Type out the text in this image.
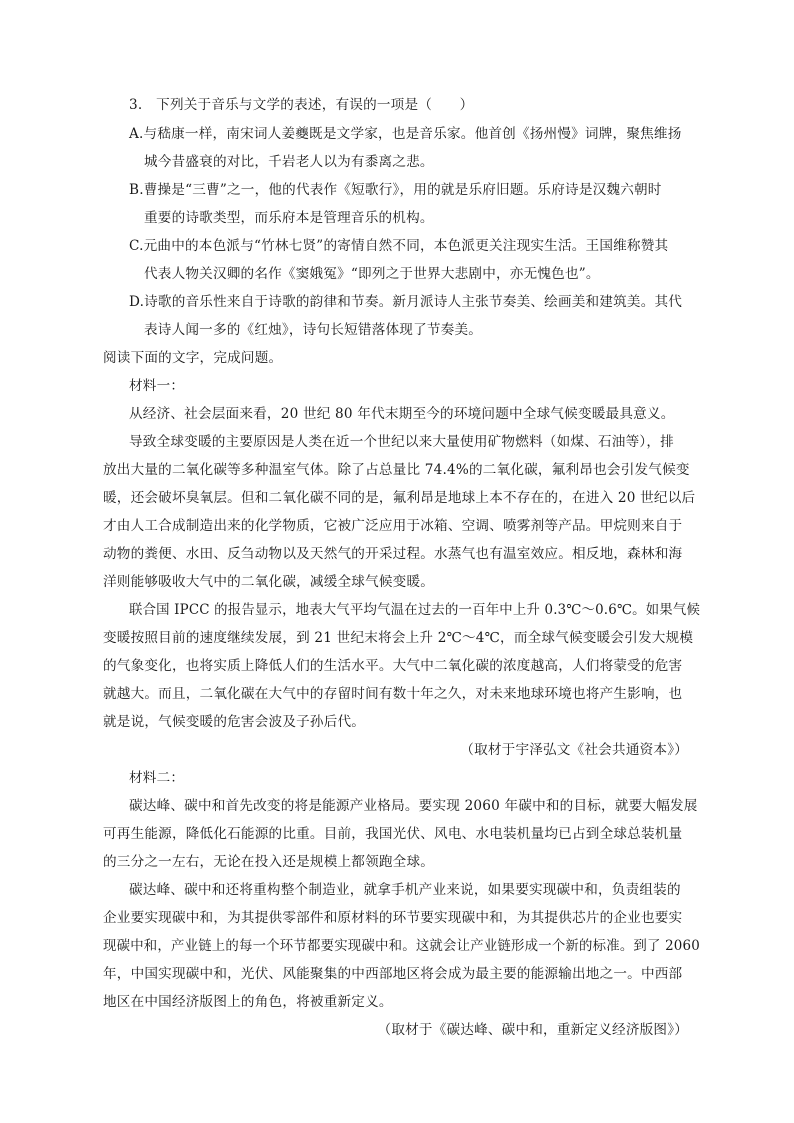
3.　下列关于音乐与文学的表述，有误的一项是（　　）
A.与嵇康一样，南宋词人姜夔既是文学家，也是音乐家。他首创《扬州慢》词牌，聚焦维扬
城今昔盛衰的对比，千岩老人以为有黍离之悲。
B.曹操是“三曹”之一，他的代表作《短歌行》，用的就是乐府旧题。乐府诗是汉魏六朝时
重要的诗歌类型，而乐府本是管理音乐的机构。
C.元曲中的本色派与“竹林七贤”的寄情自然不同，本色派更关注现实生活。王国维称赞其
代表人物关汉卿的名作《窦娥冤》“即列之于世界大悲剧中，亦无愧色也”。
D.诗歌的音乐性来自于诗歌的韵律和节奏。新月派诗人主张节奏美、绘画美和建筑美。其代
表诗人闻一多的《红烛》，诗句长短错落体现了节奏美。
阅读下面的文字，完成问题。
材料一：
从经济、社会层面来看，20 世纪 80 年代末期至今的环境问题中全球气候变暖最具意义。
导致全球变暖的主要原因是人类在近一个世纪以来大量使用矿物燃料（如煤、石油等），排
放出大量的二氧化碳等多种温室气体。除了占总量比 74.4%的二氧化碳，氟利昂也会引发气候变
暖，还会破坏臭氧层。但和二氧化碳不同的是，氟利昂是地球上本不存在的，在进入 20 世纪以后
才由人工合成制造出来的化学物质，它被广泛应用于冰箱、空调、喷雾剂等产品。甲烷则来自于
动物的粪便、水田、反刍动物以及天然气的开采过程。水蒸气也有温室效应。相反地，森林和海
洋则能够吸收大气中的二氧化碳，减缓全球气候变暖。
联合国 IPCC 的报告显示，地表大气平均气温在过去的一百年中上升 0.3℃～0.6℃。如果气候
变暖按照目前的速度继续发展，到 21 世纪末将会上升 2℃～4℃，而全球气候变暖会引发大规模
的气象变化，也将实质上降低人们的生活水平。大气中二氧化碳的浓度越高，人们将蒙受的危害
就越大。而且，二氧化碳在大气中的存留时间有数十年之久，对未来地球环境也将产生影响，也
就是说，气候变暖的危害会波及子孙后代。
（取材于宇泽弘文《社会共通资本》）
材料二：
碳达峰、碳中和首先改变的将是能源产业格局。要实现 2060 年碳中和的目标，就要大幅发展
可再生能源，降低化石能源的比重。目前，我国光伏、风电、水电装机量均已占到全球总装机量
的三分之一左右，无论在投入还是规模上都领跑全球。
碳达峰、碳中和还将重构整个制造业，就拿手机产业来说，如果要实现碳中和，负责组装的
企业要实现碳中和，为其提供零部件和原材料的环节要实现碳中和，为其提供芯片的企业也要实
现碳中和，产业链上的每一个环节都要实现碳中和。这就会让产业链形成一个新的标准。到了 2060
年，中国实现碳中和，光伏、风能聚集的中西部地区将会成为最主要的能源输出地之一。中西部
地区在中国经济版图上的角色，将被重新定义。
（取材于《碳达峰、碳中和，重新定义经济版图》）
